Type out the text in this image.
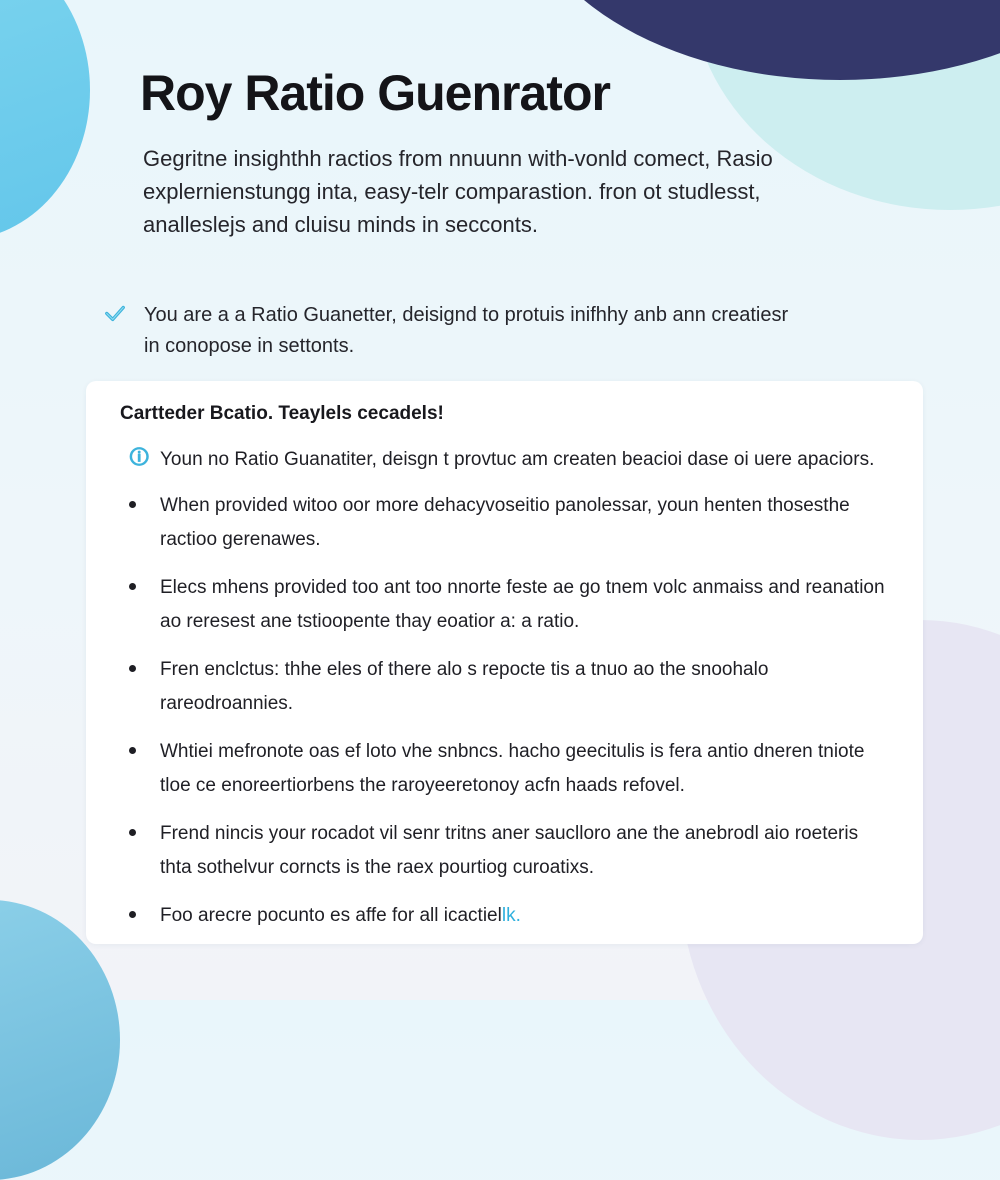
Roy Ratio Guenrator

Gegritne insighthh ractios from nnuunn with-vonld comect, Rasio explernienstungg inta, easy-telr comparastion. fron ot studlesst, analleslejs and cluisu minds in secconts.

You are a a Ratio Guanetter, deisignd to protuis inifhhy anb ann creatiesr in conopose in settonts.

Cartteder Bcatio. Teaylels cecadels!
🛈 Youn no Ratio Guanatiter, deisgn t provtuc am createn beacioi dase oi uere apaciors.

When provided witoo oor more dehacyvoseitio panolessar, youn henten thosesthe ractioo gerenawes.

Elecs mhens provided too ant too nnorte feste ae go tnem volc anmaiss and reanation ao reresest ane tstioopente thay eoatior a: a ratio.

Fren enclctus: thhe eles of there alo s repocte tis a tnuo ao the snoohalo rareodroannies.

Whtiei mefronote oas ef loto vhe snbncs. hacho geecitulis is fera antio dneren tniote tloe ce enoreertiorbens the raroyeeretonoy acfn haads refovel.

Frend nincis your rocadot vil senr tritns aner sauclloro ane the anebrodl aio roeteris thta sothelvur corncts is the raex pourtiog curoatixs.

Foo arecre pocunto es affe for all icactiellk.
